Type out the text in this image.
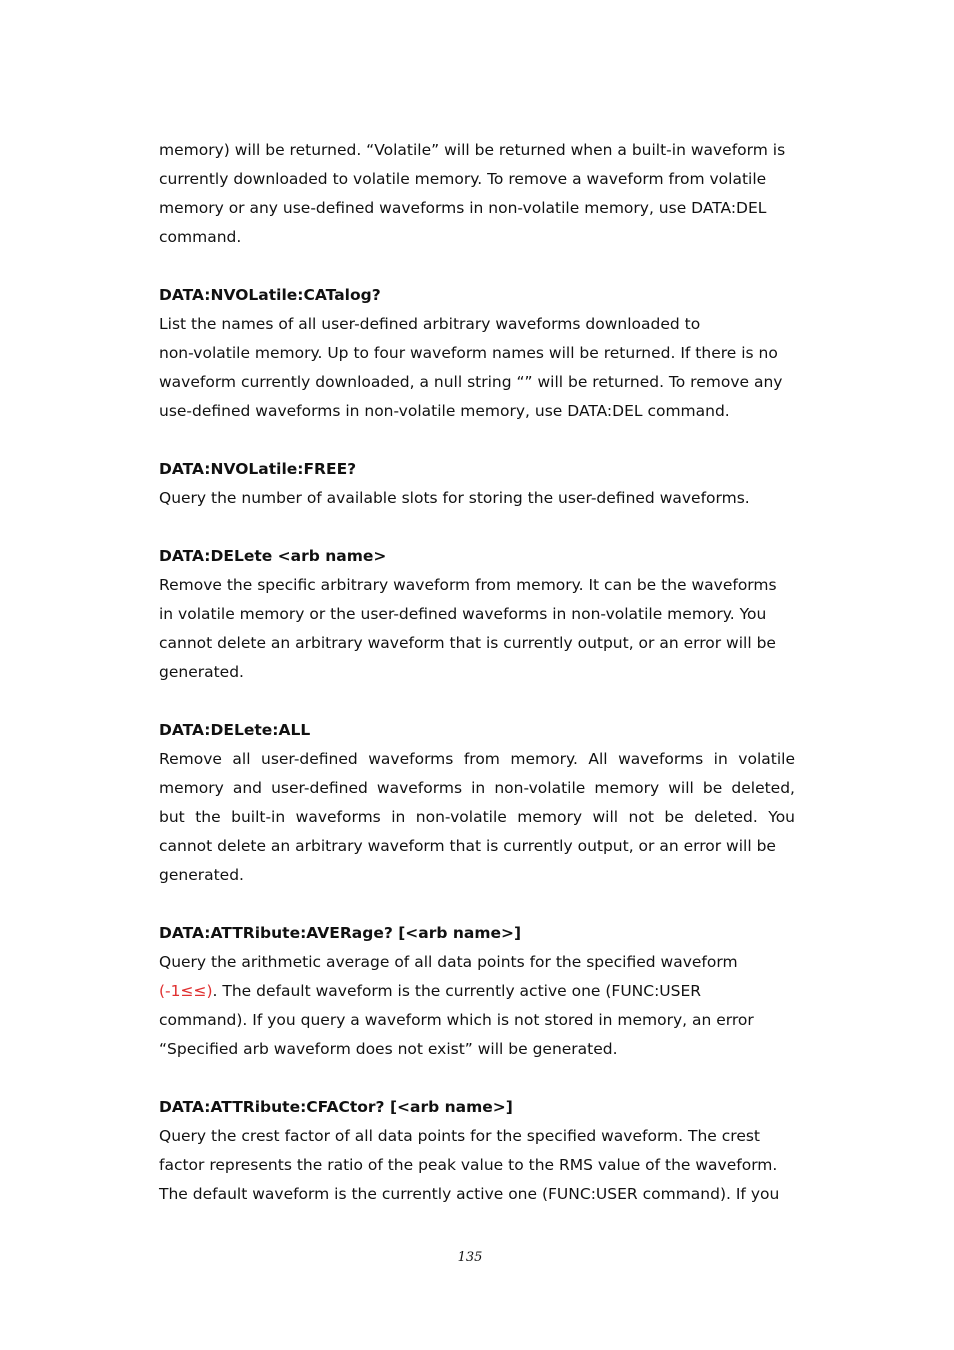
memory) will be returned. “Volatile” will be returned when a built-in waveform is
currently downloaded to volatile memory. To remove a waveform from volatile
memory or any use-defined waveforms in non-volatile memory, use DATA:DEL
command.

DATA:NVOLatile:CATalog?

List the names of all user-defined arbitrary waveforms downloaded to
non-volatile memory. Up to four waveform names will be returned. If there is no
waveform currently downloaded, a null string “” will be returned. To remove any
use-defined waveforms in non-volatile memory, use DATA:DEL command.

DATA:NVOLatile:FREE?

Query the number of available slots for storing the user-defined waveforms.

DATA:DELete <arb name>

Remove the specific arbitrary waveform from memory. It can be the waveforms
in volatile memory or the user-defined waveforms in non-volatile memory. You
cannot delete an arbitrary waveform that is currently output, or an error will be
generated.

DATA:DELete:ALL

Remove all user-defined waveforms from memory. All waveforms in volatile
memory and user-defined waveforms in non-volatile memory will be deleted,
but the built-in waveforms in non-volatile memory will not be deleted. You
cannot delete an arbitrary waveform that is currently output, or an error will be
generated.

DATA:ATTRibute:AVERage? [<arb name>]

Query the arithmetic average of all data points for the specified waveform
(-1≤≤). The default waveform is the currently active one (FUNC:USER
command). If you query a waveform which is not stored in memory, an error
“Specified arb waveform does not exist” will be generated.

DATA:ATTRibute:CFACtor? [<arb name>]

Query the crest factor of all data points for the specified waveform. The crest
factor represents the ratio of the peak value to the RMS value of the waveform.
The default waveform is the currently active one (FUNC:USER command). If you

135
